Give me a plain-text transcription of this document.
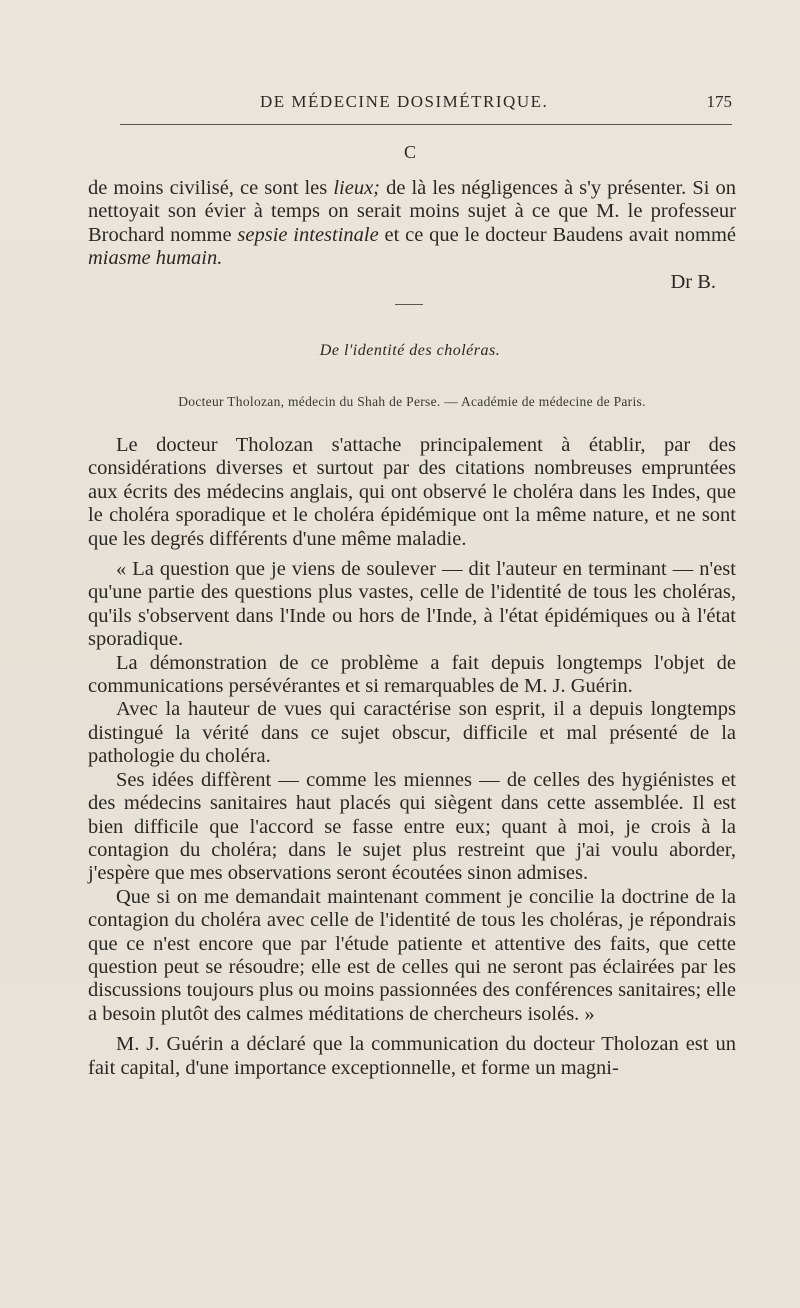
DE MÉDECINE DOSIMÉTRIQUE.	175
C

de moins civilisé, ce sont les lieux; de là les négligences à s'y présenter. Si on nettoyait son évier à temps on serait moins sujet à ce que M. le professeur Brochard nomme sepsie intestinale et ce que le docteur Baudens avait nommé miasme humain.

Dr B.
De l'identité des choléras.
Docteur Tholozan, médecin du Shah de Perse. — Académie de médecine de Paris.

Le docteur Tholozan s'attache principalement à établir, par des considérations diverses et surtout par des citations nombreuses empruntées aux écrits des médecins anglais, qui ont observé le choléra dans les Indes, que le choléra sporadique et le choléra épidémique ont la même nature, et ne sont que les degrés différents d'une même maladie.

« La question que je viens de soulever — dit l'auteur en terminant — n'est qu'une partie des questions plus vastes, celle de l'identité de tous les choléras, qu'ils s'observent dans l'Inde ou hors de l'Inde, à l'état épidémiques ou à l'état sporadique.

La démonstration de ce problème a fait depuis longtemps l'objet de communications persévérantes et si remarquables de M. J. Guérin.

Avec la hauteur de vues qui caractérise son esprit, il a depuis longtemps distingué la vérité dans ce sujet obscur, difficile et mal présenté de la pathologie du choléra.

Ses idées diffèrent — comme les miennes — de celles des hygiénistes et des médecins sanitaires haut placés qui siègent dans cette assemblée. Il est bien difficile que l'accord se fasse entre eux; quant à moi, je crois à la contagion du choléra; dans le sujet plus restreint que j'ai voulu aborder, j'espère que mes observations seront écoutées sinon admises.

Que si on me demandait maintenant comment je concilie la doctrine de la contagion du choléra avec celle de l'identité de tous les choléras, je répondrais que ce n'est encore que par l'étude patiente et attentive des faits, que cette question peut se résoudre; elle est de celles qui ne seront pas éclairées par les discussions toujours plus ou moins passionnées des conférences sanitaires; elle a besoin plutôt des calmes méditations de chercheurs isolés. »

M. J. Guérin a déclaré que la communication du docteur Tholozan est un fait capital, d'une importance exceptionnelle, et forme un magni-
